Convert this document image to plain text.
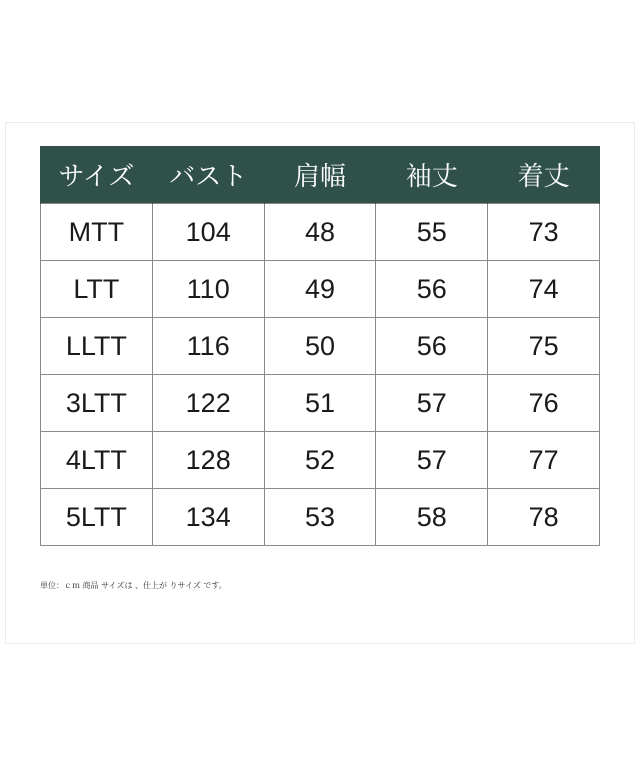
サイズ	バスト	肩幅	袖丈	着丈
MTT	104	48	55	73
LTT	110	49	56	74
LLTT	116	50	56	75
3LTT	122	51	57	76
4LTT	128	52	57	77
5LTT	134	53	58	78
単位：ｃｍ 商品 サイズは 、仕上が りサイズ です。
